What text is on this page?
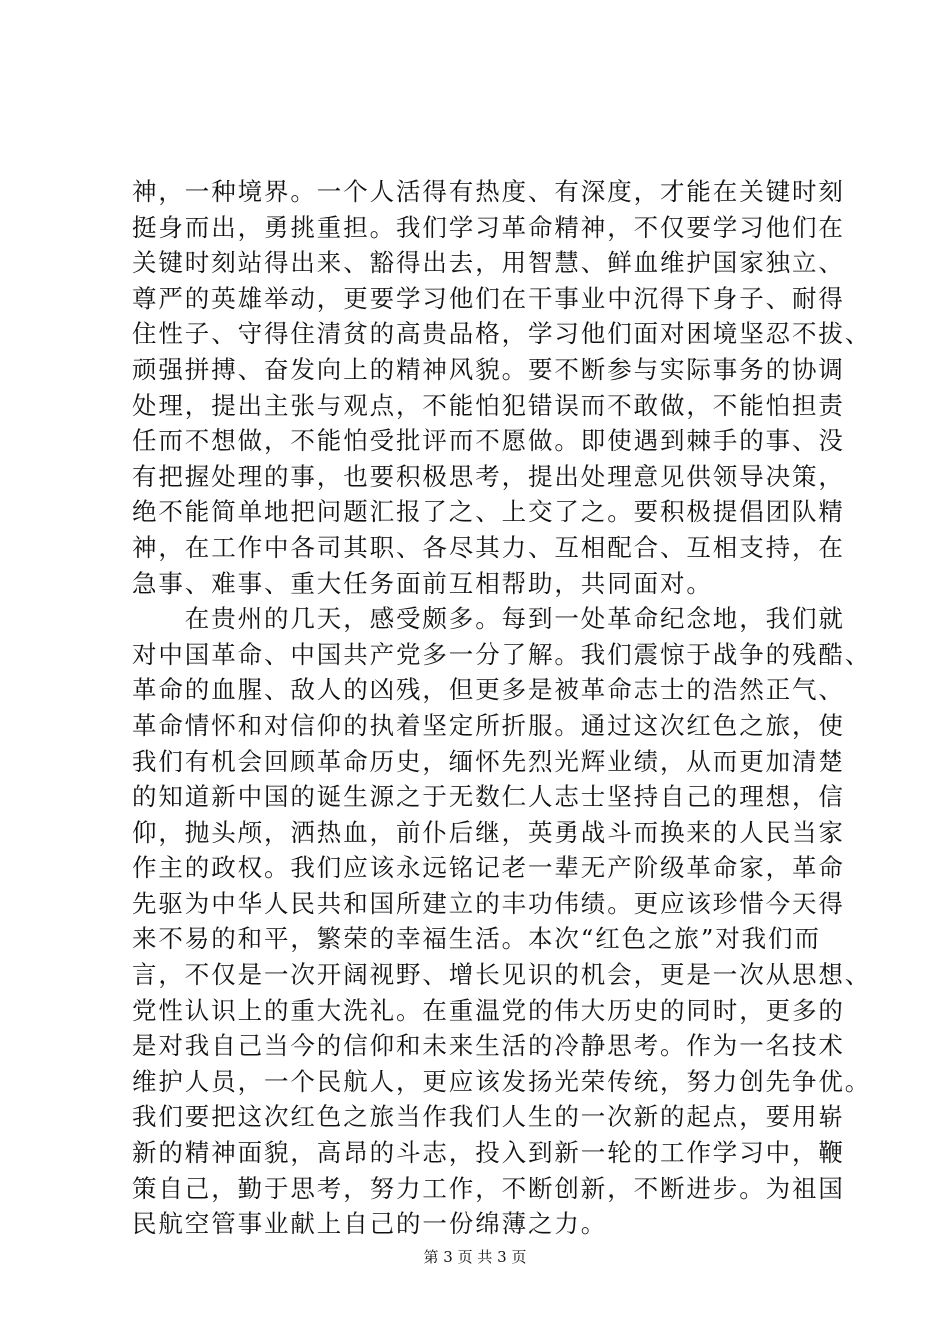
神，一种境界。一个人活得有热度、有深度，才能在关键时刻
挺身而出，勇挑重担。我们学习革命精神，不仅要学习他们在
关键时刻站得出来、豁得出去，用智慧、鲜血维护国家独立、
尊严的英雄举动，更要学习他们在干事业中沉得下身子、耐得
住性子、守得住清贫的高贵品格，学习他们面对困境坚忍不拔、
顽强拼搏、奋发向上的精神风貌。要不断参与实际事务的协调
处理，提出主张与观点，不能怕犯错误而不敢做，不能怕担责
任而不想做，不能怕受批评而不愿做。即使遇到棘手的事、没
有把握处理的事，也要积极思考，提出处理意见供领导决策，
绝不能简单地把问题汇报了之、上交了之。要积极提倡团队精
神，在工作中各司其职、各尽其力、互相配合、互相支持，在
急事、难事、重大任务面前互相帮助，共同面对。
　　在贵州的几天，感受颇多。每到一处革命纪念地，我们就
对中国革命、中国共产党多一分了解。我们震惊于战争的残酷、
革命的血腥、敌人的凶残，但更多是被革命志士的浩然正气、
革命情怀和对信仰的执着坚定所折服。通过这次红色之旅，使
我们有机会回顾革命历史，缅怀先烈光辉业绩，从而更加清楚
的知道新中国的诞生源之于无数仁人志士坚持自己的理想，信
仰，抛头颅，洒热血，前仆后继，英勇战斗而换来的人民当家
作主的政权。我们应该永远铭记老一辈无产阶级革命家，革命
先驱为中华人民共和国所建立的丰功伟绩。更应该珍惜今天得
来不易的和平，繁荣的幸福生活。本次“红色之旅”对我们而
言，不仅是一次开阔视野、增长见识的机会，更是一次从思想、
党性认识上的重大洗礼。在重温党的伟大历史的同时，更多的
是对我自己当今的信仰和未来生活的冷静思考。作为一名技术
维护人员，一个民航人，更应该发扬光荣传统，努力创先争优。
我们要把这次红色之旅当作我们人生的一次新的起点，要用崭
新的精神面貌，高昂的斗志，投入到新一轮的工作学习中，鞭
策自己，勤于思考，努力工作，不断创新，不断进步。为祖国
民航空管事业献上自己的一份绵薄之力。
第 3 页 共 3 页
